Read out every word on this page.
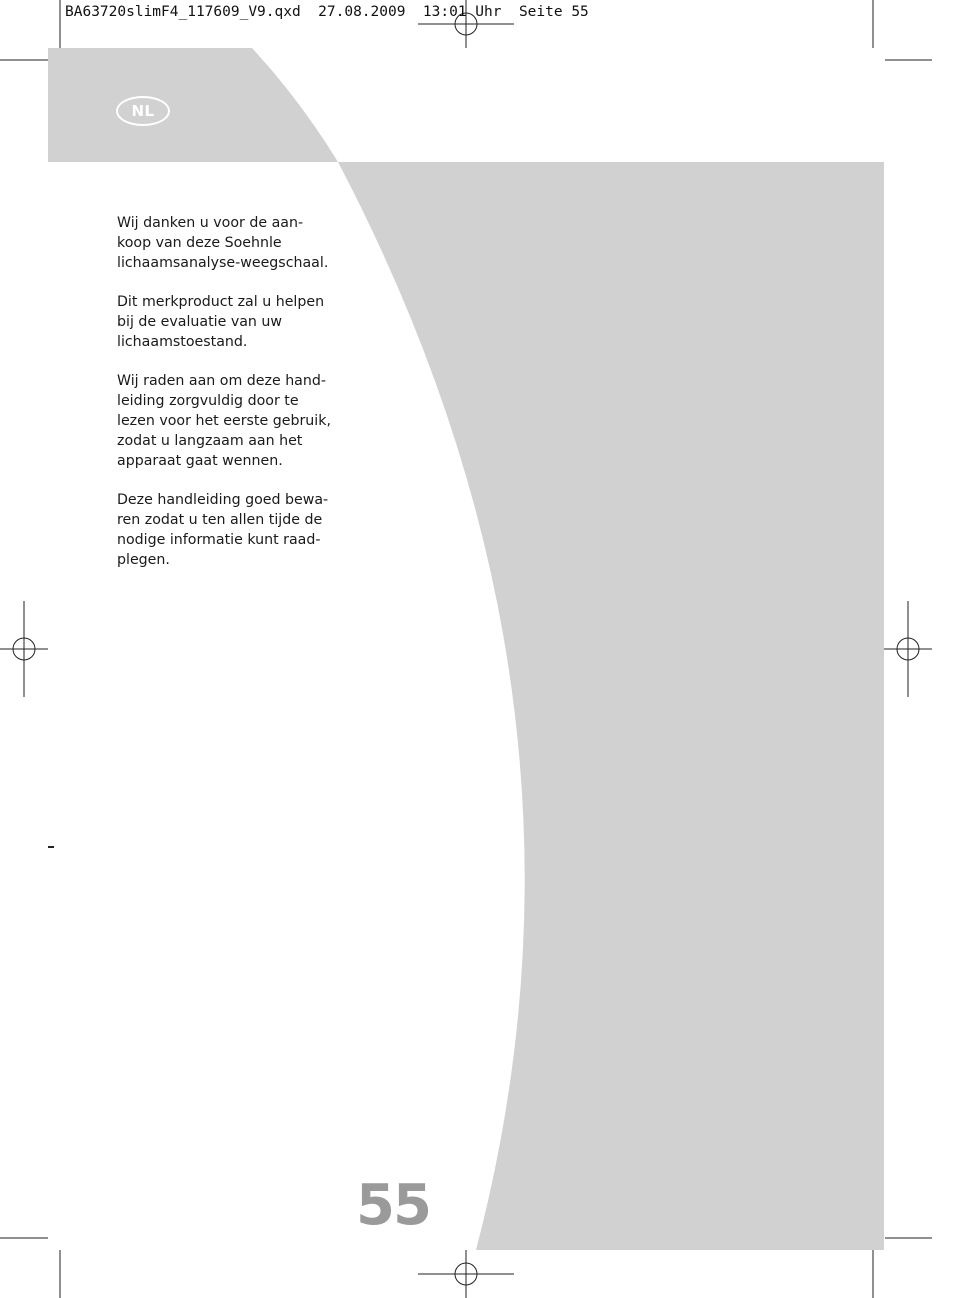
BA63720slimF4_117609_V9.qxd  27.08.2009  13:01 Uhr  Seite 55
NL

Wij danken u voor de aan-
koop van deze Soehnle
lichaamsanalyse-weegschaal.

Dit merkproduct zal u helpen
bij de evaluatie van uw
lichaamstoestand.

Wij raden aan om deze hand-
leiding zorgvuldig door te
lezen voor het eerste gebruik,
zodat u langzaam aan het
apparaat gaat wennen.

Deze handleiding goed bewa-
ren zodat u ten allen tijde de
nodige informatie kunt raad-
plegen.

55
